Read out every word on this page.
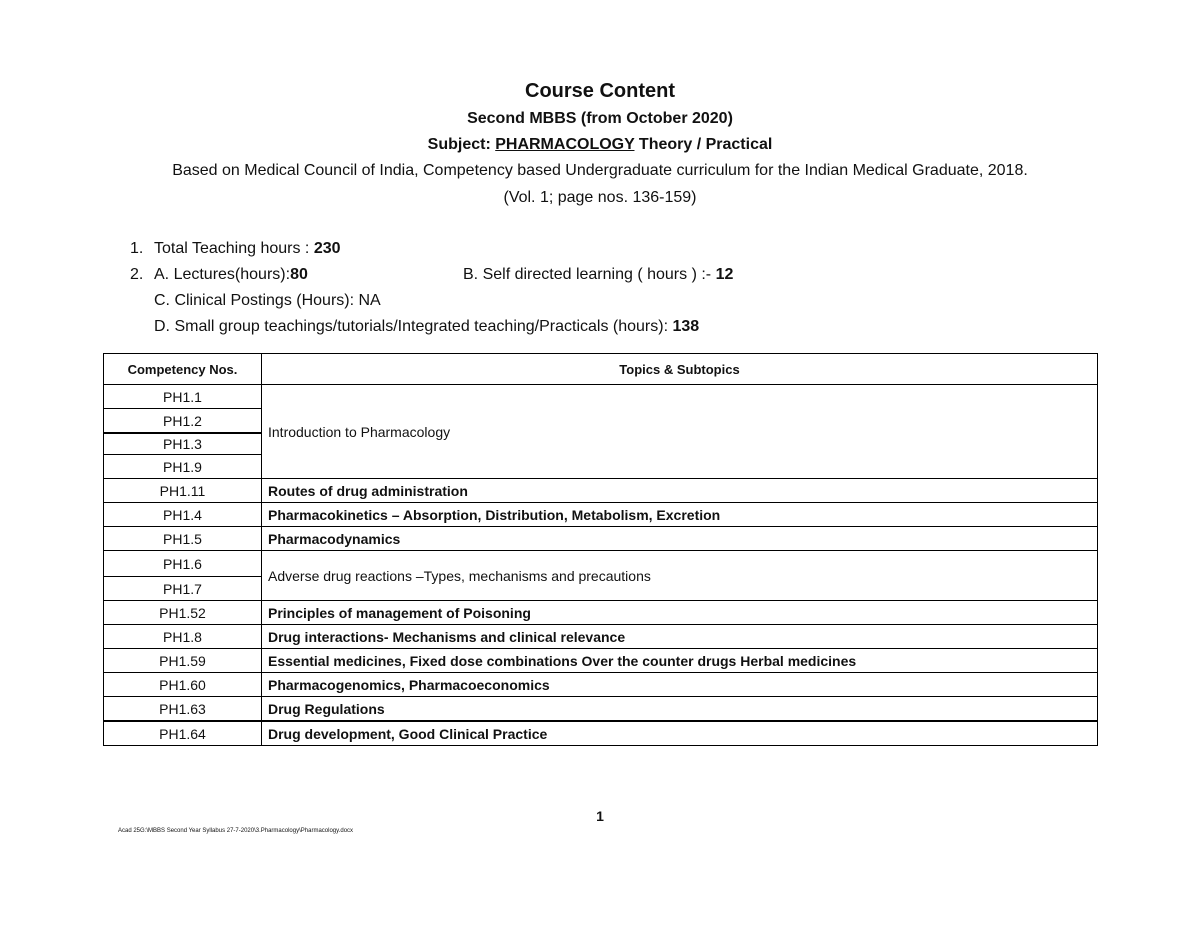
Course Content
Second MBBS (from October 2020)
Subject: PHARMACOLOGY Theory / Practical
Based on Medical Council of India, Competency based Undergraduate curriculum for the Indian Medical Graduate, 2018.
(Vol. 1; page nos. 136-159)
1. Total Teaching hours : 230
2. A. Lectures(hours):80	B. Self directed learning ( hours ) :- 12
C. Clinical Postings (Hours): NA
D. Small group teachings/tutorials/Integrated teaching/Practicals (hours): 138
Competency Nos.	Topics & Subtopics
PH1.1	Introduction to Pharmacology
PH1.2	
PH1.3	
PH1.9	
PH1.11	Routes of drug administration
PH1.4	Pharmacokinetics – Absorption, Distribution, Metabolism, Excretion
PH1.5	Pharmacodynamics
PH1.6	Adverse drug reactions –Types, mechanisms and precautions
PH1.7	
PH1.52	Principles of management of Poisoning
PH1.8	Drug interactions- Mechanisms and clinical relevance
PH1.59	Essential medicines, Fixed dose combinations Over the counter drugs Herbal medicines
PH1.60	Pharmacogenomics, Pharmacoeconomics
PH1.63	Drug Regulations
PH1.64	Drug development, Good Clinical Practice
1
Acad 25G:\MBBS Second Year Syllabus 27-7-2020\3.Pharmacology\Pharmacology.docx
